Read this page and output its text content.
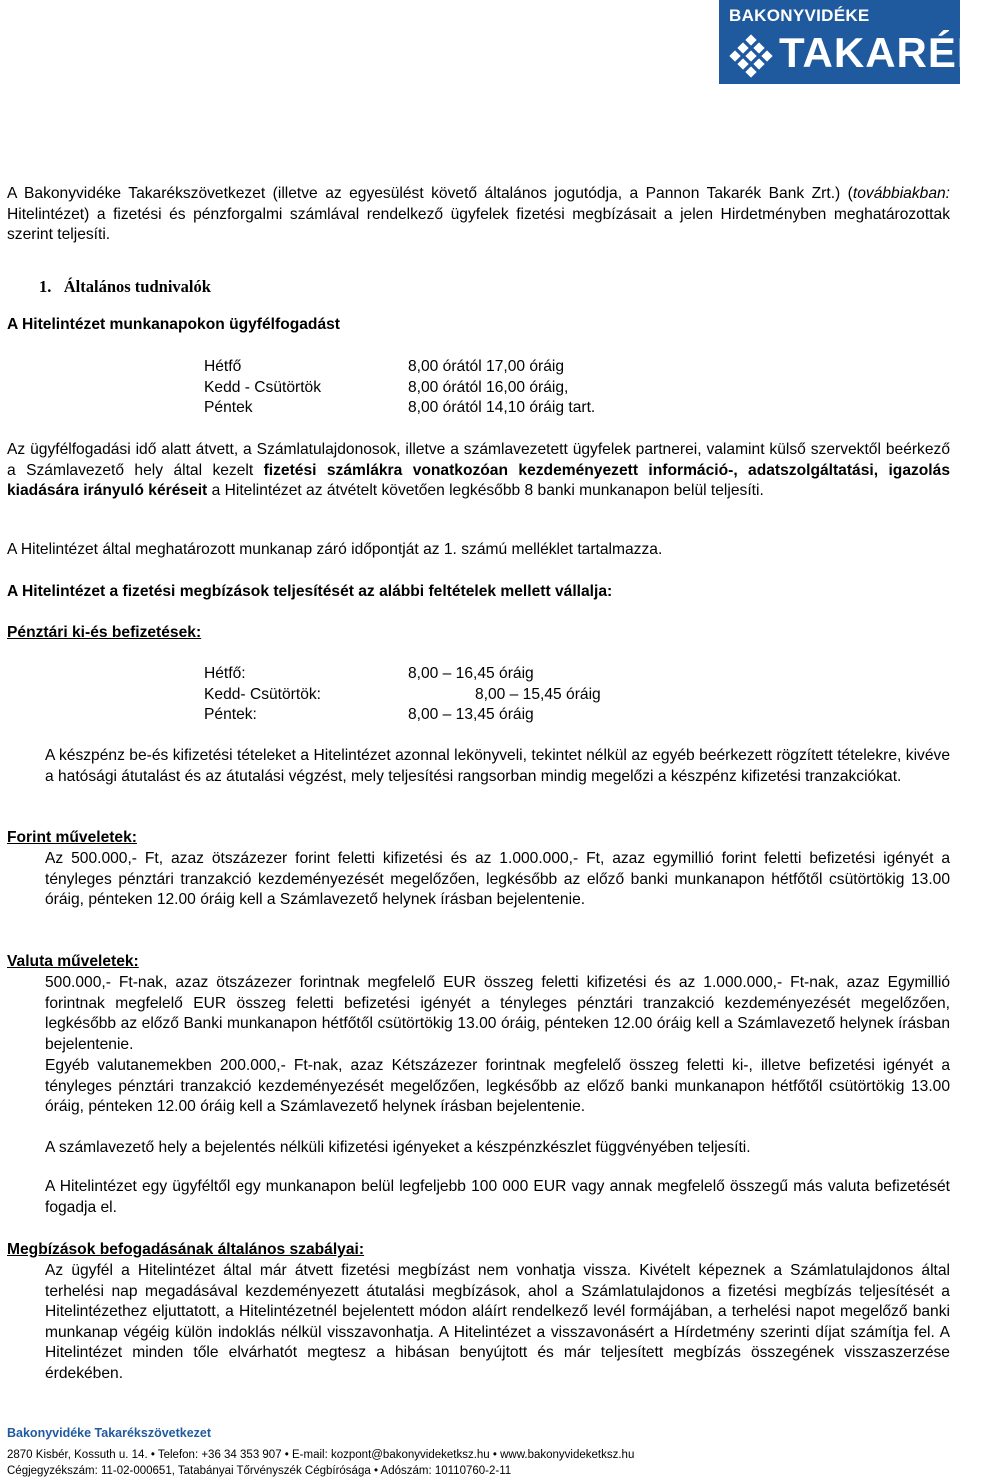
BAKONYVIDÉKE
TAKARÉK

A Bakonyvidéke Takarékszövetkezet (illetve az egyesülést követő általános jogutódja, a Pannon Takarék Bank Zrt.) (továbbiakban: Hitelintézet) a fizetési és pénzforgalmi számlával rendelkező ügyfelek fizetési megbízásait a jelen Hirdetményben meghatározottak szerint teljesíti.

1. Általános tudnivalók
A Hitelintézet munkanapokon ügyfélfogadást
Hétfő	8,00 órától 17,00 óráig
Kedd - Csütörtök	8,00 órától 16,00 óráig,
Péntek	8,00 órától 14,10 óráig tart.

Az ügyfélfogadási idő alatt átvett, a Számlatulajdonosok, illetve a számlavezetett ügyfelek partnerei, valamint külső szervektől beérkező a Számlavezető hely által kezelt fizetési számlákra vonatkozóan kezdeményezett információ-, adatszolgáltatási, igazolás kiadására irányuló kéréseit a Hitelintézet az átvételt követően legkésőbb 8 banki munkanapon belül teljesíti.

A Hitelintézet által meghatározott munkanap záró időpontját az 1. számú melléklet tartalmazza.
A Hitelintézet a fizetési megbízások teljesítését az alábbi feltételek mellett vállalja:
Pénztári ki-és befizetések:
Hétfő:	8,00 – 16,45 óráig
Kedd- Csütörtök:	8,00 – 15,45 óráig
Péntek:	8,00 – 13,45 óráig
A készpénz be-és kifizetési tételeket a Hitelintézet azonnal lekönyveli, tekintet nélkül az egyéb beérkezett rögzített tételekre, kivéve a hatósági átutalást és az átutalási végzést, mely teljesítési rangsorban mindig megelőzi a készpénz kifizetési tranzakciókat.
Forint műveletek:
Az 500.000,- Ft, azaz ötszázezer forint feletti kifizetési és az 1.000.000,- Ft, azaz egymillió forint feletti befizetési igényét a tényleges pénztári tranzakció kezdeményezését megelőzően, legkésőbb az előző banki munkanapon hétfőtől csütörtökig 13.00 óráig, pénteken 12.00 óráig kell a Számlavezető helynek írásban bejelentenie.
Valuta műveletek:
500.000,- Ft-nak, azaz ötszázezer forintnak megfelelő EUR összeg feletti kifizetési és az 1.000.000,- Ft-nak, azaz Egymillió forintnak megfelelő EUR összeg feletti befizetési igényét a tényleges pénztári tranzakció kezdeményezését megelőzően, legkésőbb az előző Banki munkanapon hétfőtől csütörtökig 13.00 óráig, pénteken 12.00 óráig kell a Számlavezető helynek írásban bejelentenie.
Egyéb valutanemekben 200.000,- Ft-nak, azaz Kétszázezer forintnak megfelelő összeg feletti ki-, illetve befizetési igényét a tényleges pénztári tranzakció kezdeményezését megelőzően, legkésőbb az előző banki munkanapon hétfőtől csütörtökig 13.00 óráig, pénteken 12.00 óráig kell a Számlavezető helynek írásban bejelentenie.
A számlavezető hely a bejelentés nélküli kifizetési igényeket a készpénzkészlet függvényében teljesíti.
A Hitelintézet egy ügyféltől egy munkanapon belül legfeljebb 100 000 EUR vagy annak megfelelő összegű más valuta befizetését fogadja el.
Megbízások befogadásának általános szabályai:
Az ügyfél a Hitelintézet által már átvett fizetési megbízást nem vonhatja vissza. Kivételt képeznek a Számlatulajdonos által terhelési nap megadásával kezdeményezett átutalási megbízások, ahol a Számlatulajdonos a fizetési megbízás teljesítését a Hitelintézethez eljuttatott, a Hitelintézetnél bejelentett módon aláírt rendelkező levél formájában, a terhelési napot megelőző banki munkanap végéig külön indoklás nélkül visszavonhatja. A Hitelintézet a visszavonásért a Hírdetmény szerinti díjat számítja fel. A Hitelintézet minden tőle elvárhatót megtesz a hibásan benyújtott és már teljesített megbízás összegének visszaszerzése érdekében.
Bakonyvidéke Takarékszövetkezet
2870 Kisbér, Kossuth u. 14. • Telefon: +36 34 353 907 • E-mail: kozpont@bakonyvideketksz.hu • www.bakonyvideketksz.hu
Cégjegyzékszám: 11-02-000651, Tatabányai Tőrvényszék Cégbírósága • Adószám: 10110760-2-11
